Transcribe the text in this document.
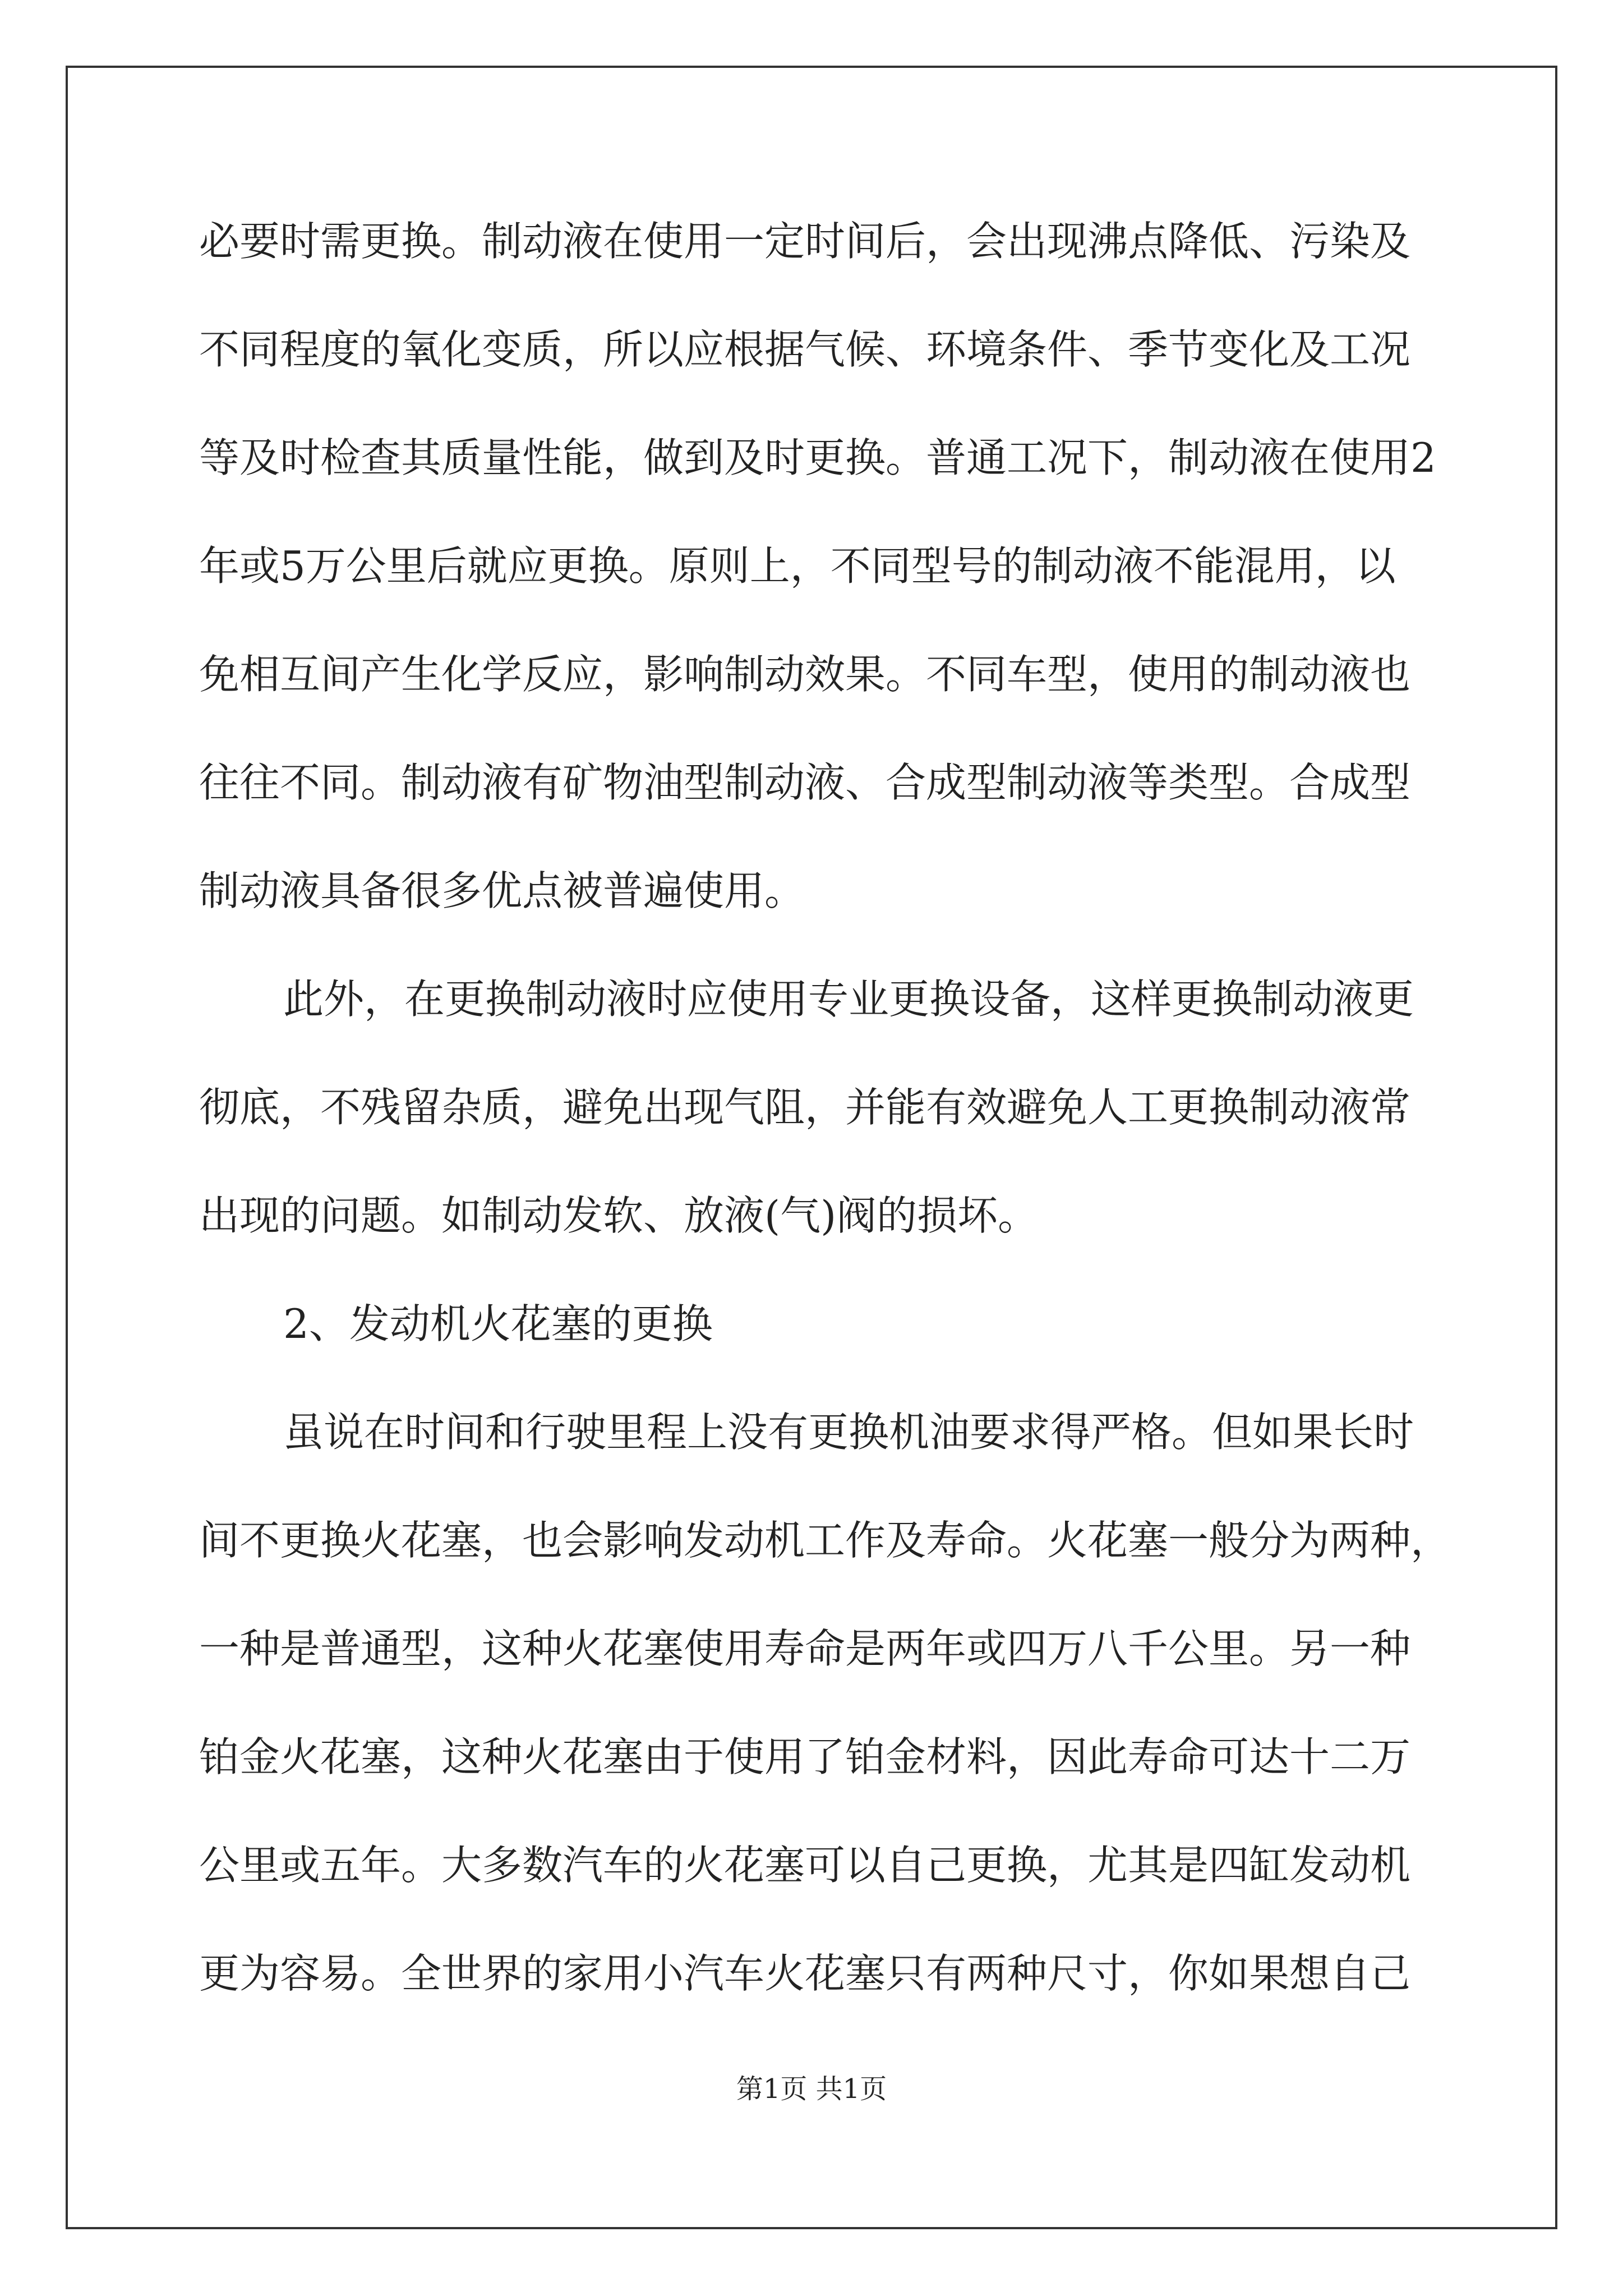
必要时需更换。制动液在使用一定时间后，会出现沸点降低、污染及
不同程度的氧化变质，所以应根据气候、环境条件、季节变化及工况
等及时检查其质量性能，做到及时更换。普通工况下，制动液在使用2
年或5万公里后就应更换。原则上，不同型号的制动液不能混用，以
免相互间产生化学反应，影响制动效果。不同车型，使用的制动液也
往往不同。制动液有矿物油型制动液、合成型制动液等类型。合成型
制动液具备很多优点被普遍使用。
此外，在更换制动液时应使用专业更换设备，这样更换制动液更
彻底，不残留杂质，避免出现气阻，并能有效避免人工更换制动液常
出现的问题。如制动发软、放液(气)阀的损坏。
2、发动机火花塞的更换
虽说在时间和行驶里程上没有更换机油要求得严格。但如果长时
间不更换火花塞，也会影响发动机工作及寿命。火花塞一般分为两种，
一种是普通型，这种火花塞使用寿命是两年或四万八千公里。另一种
铂金火花塞，这种火花塞由于使用了铂金材料，因此寿命可达十二万
公里或五年。大多数汽车的火花塞可以自己更换，尤其是四缸发动机
更为容易。全世界的家用小汽车火花塞只有两种尺寸，你如果想自己
第1页 共1页
